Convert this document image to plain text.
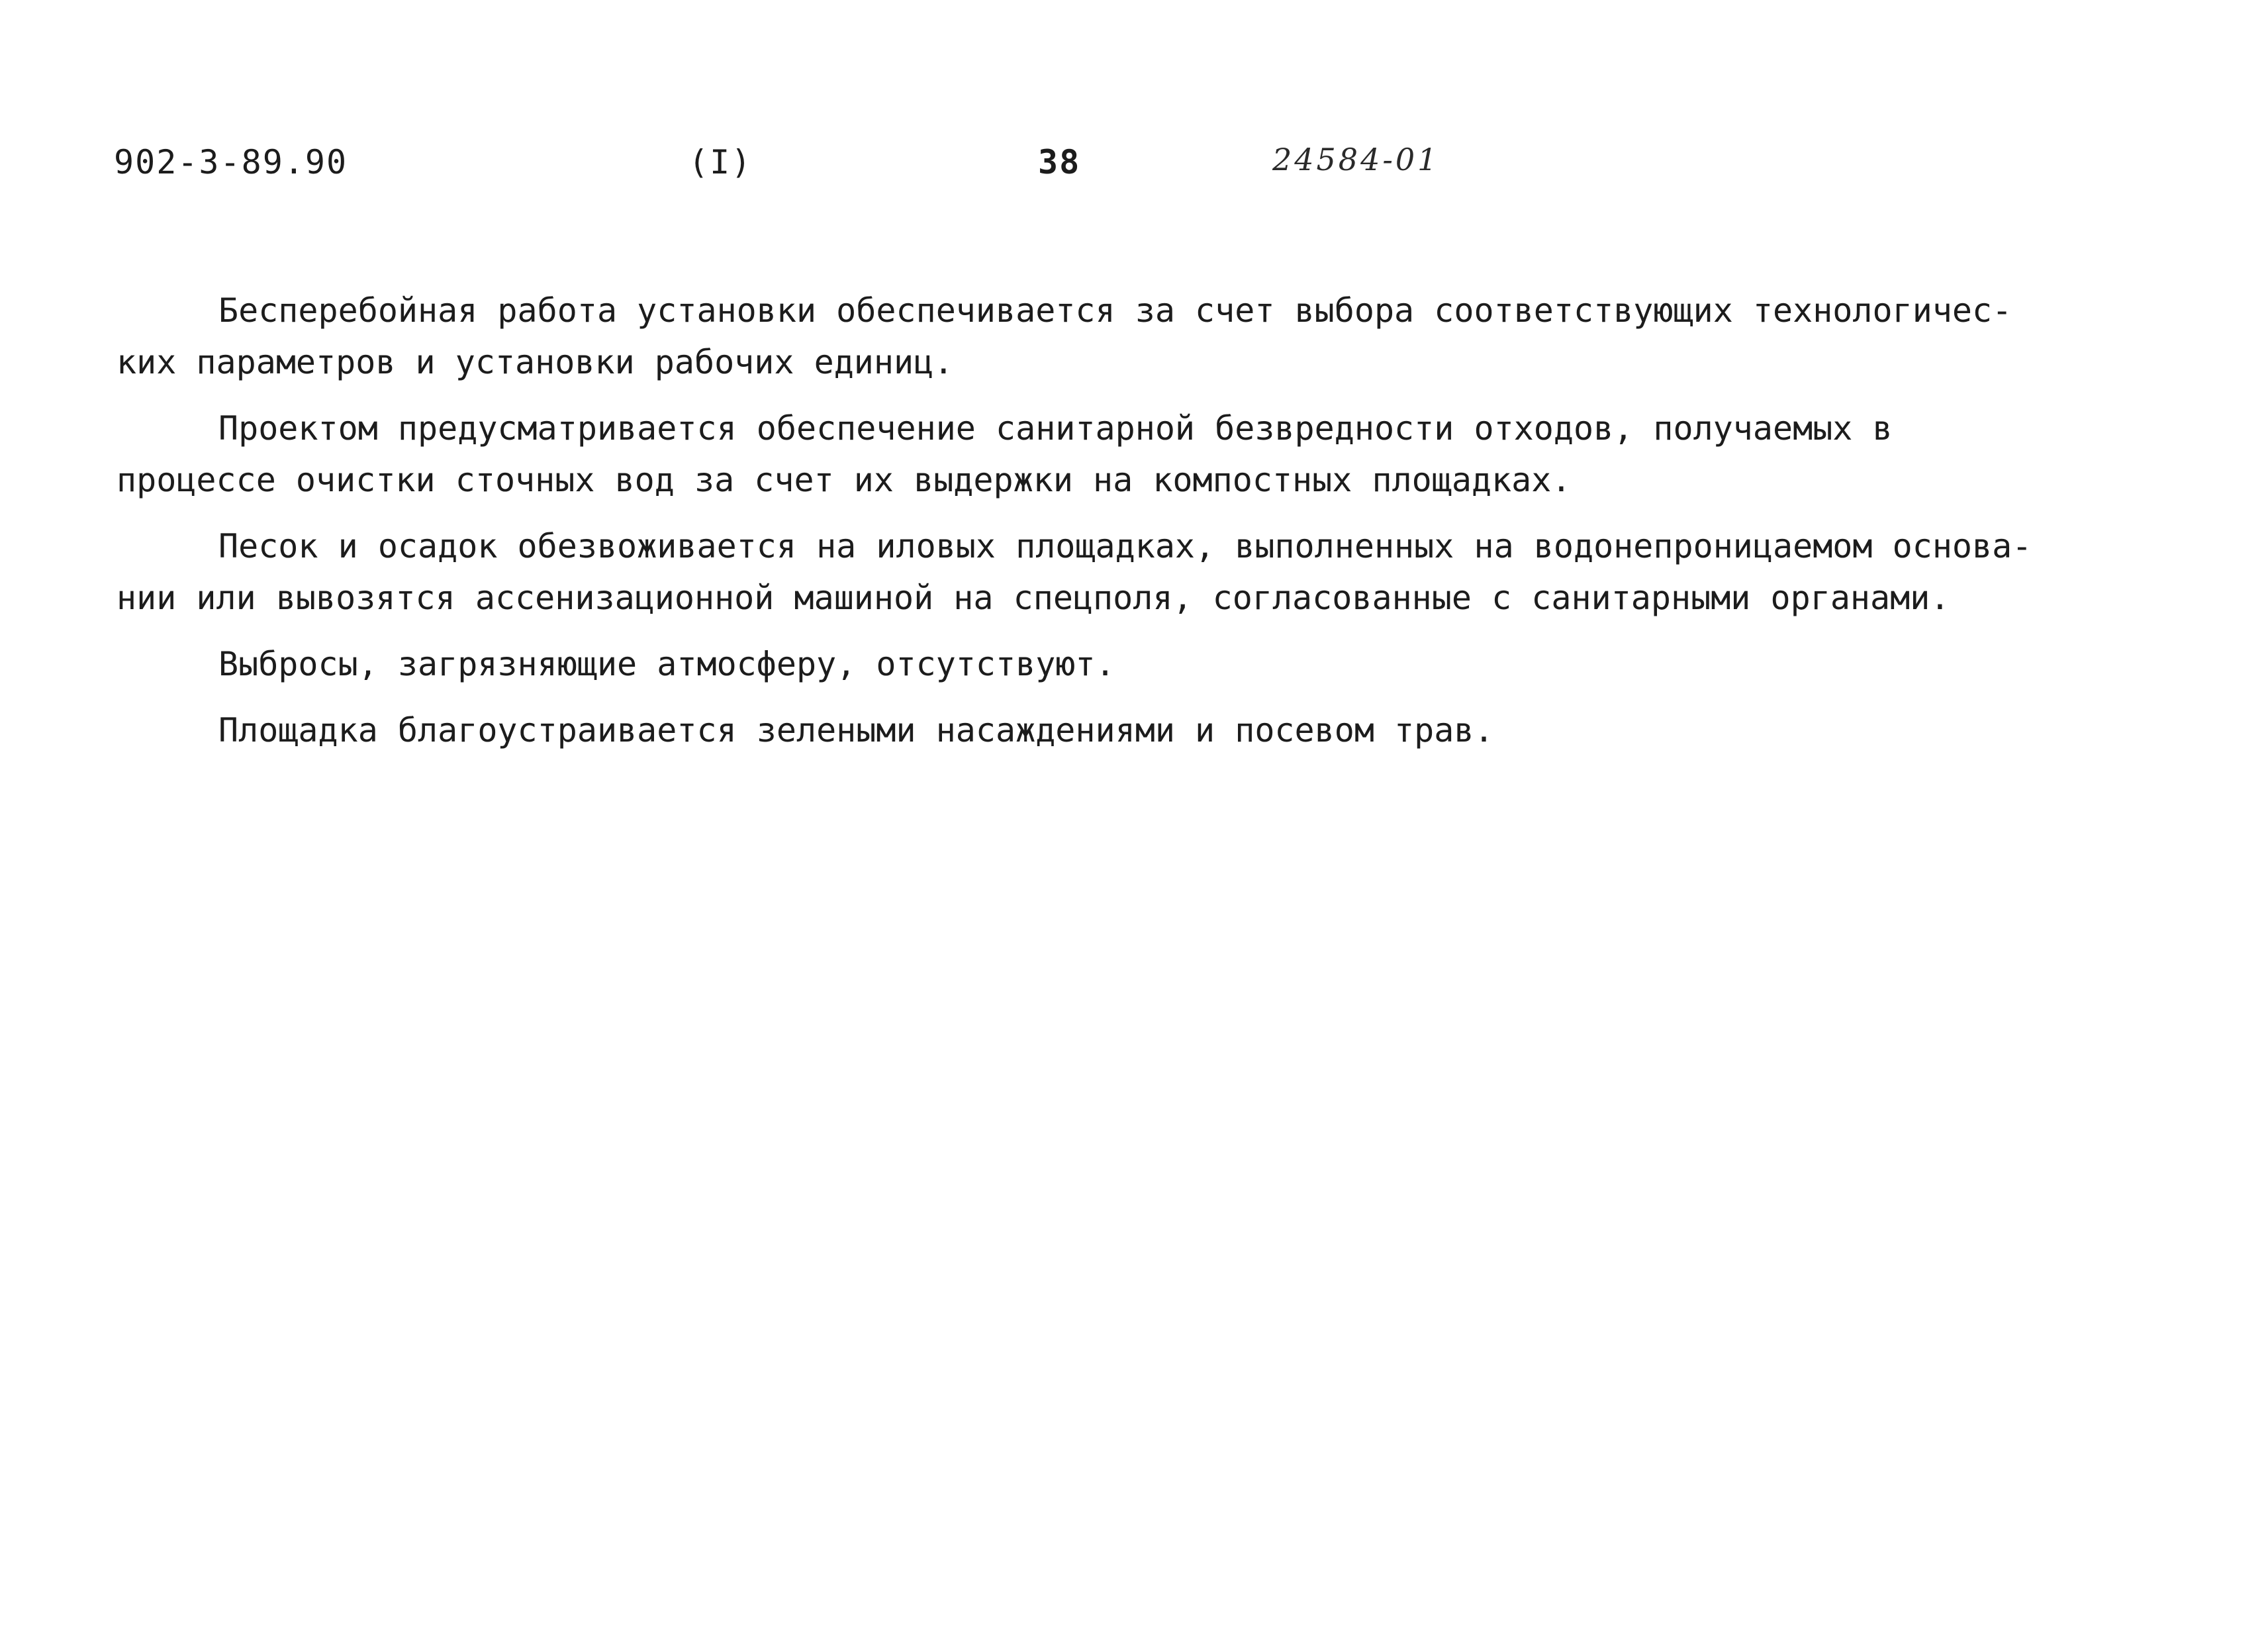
902-3-89.90	(I)	38	24584-01
Бесперебойная работа установки обеспечивается за счет выбора соответствующих технологичес-
ких параметров и установки рабочих единиц.
Проектом предусматривается обеспечение санитарной безвредности отходов, получаемых в
процессе очистки сточных вод за счет их выдержки на компостных площадках.
Песок и осадок обезвоживается на иловых площадках, выполненных на водонепроницаемом основа-
нии или вывозятся ассенизационной машиной на спецполя, согласованные с санитарными органами.
Выбросы, загрязняющие атмосферу, отсутствуют.
Площадка благоустраивается зелеными насаждениями и посевом трав.
